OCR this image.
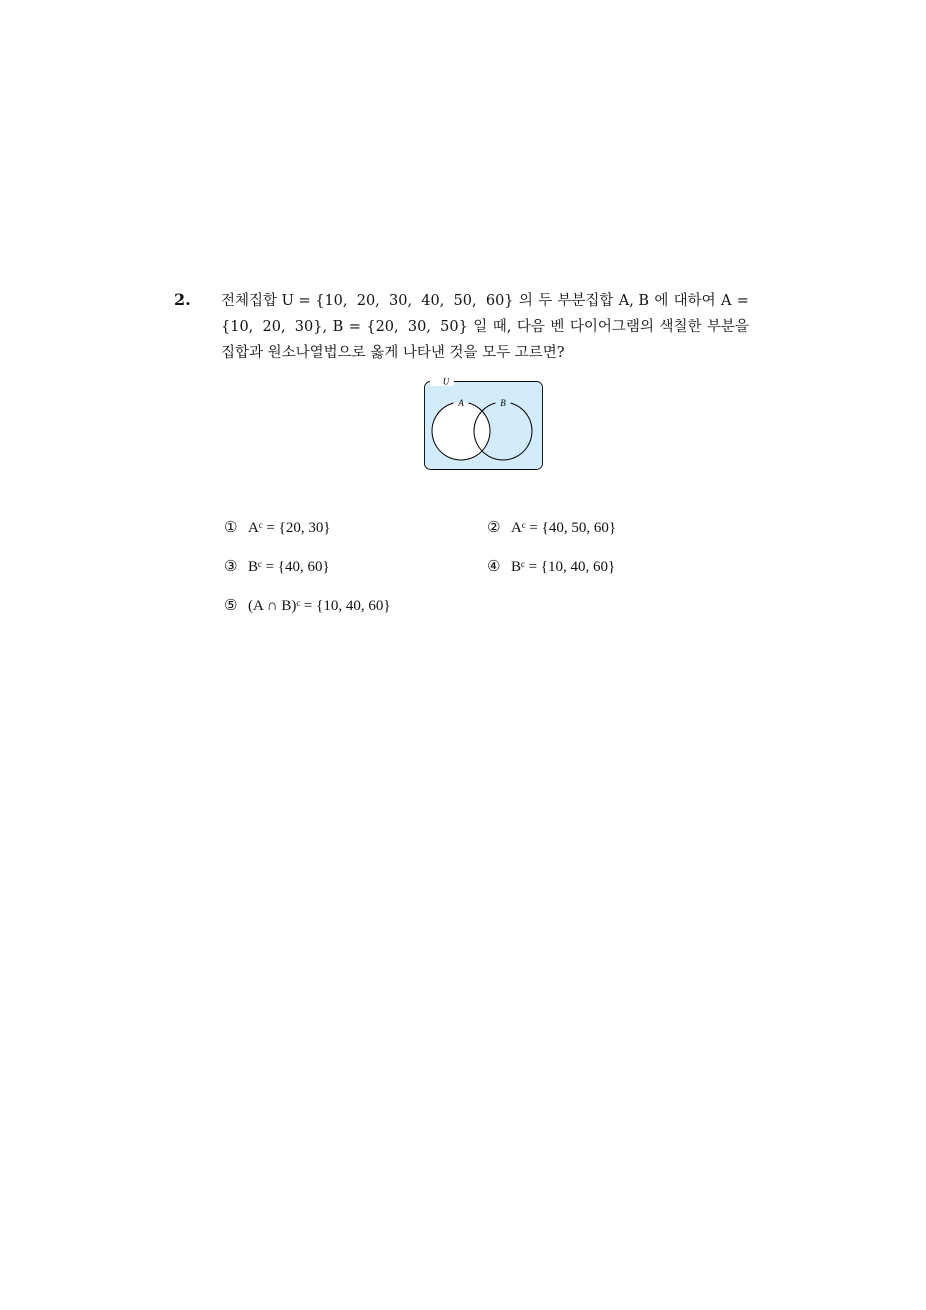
2. 전체집합 U = {10,  20,  30,  40,  50,  60} 의 두 부분집합 A, B 에 대하여 A =
{10,  20,  30}, B = {20,  30,  50} 일 때, 다음 벤 다이어그램의 색칠한 부분을
집합과 원소나열법으로 옳게 나타낸 것을 모두 고르면?
U
A	B
① Aᶜ = {20, 30}	② Aᶜ = {40, 50, 60}
③ Bᶜ = {40, 60}	④ Bᶜ = {10, 40, 60}
⑤ (A ∩ B)ᶜ = {10, 40, 60}
